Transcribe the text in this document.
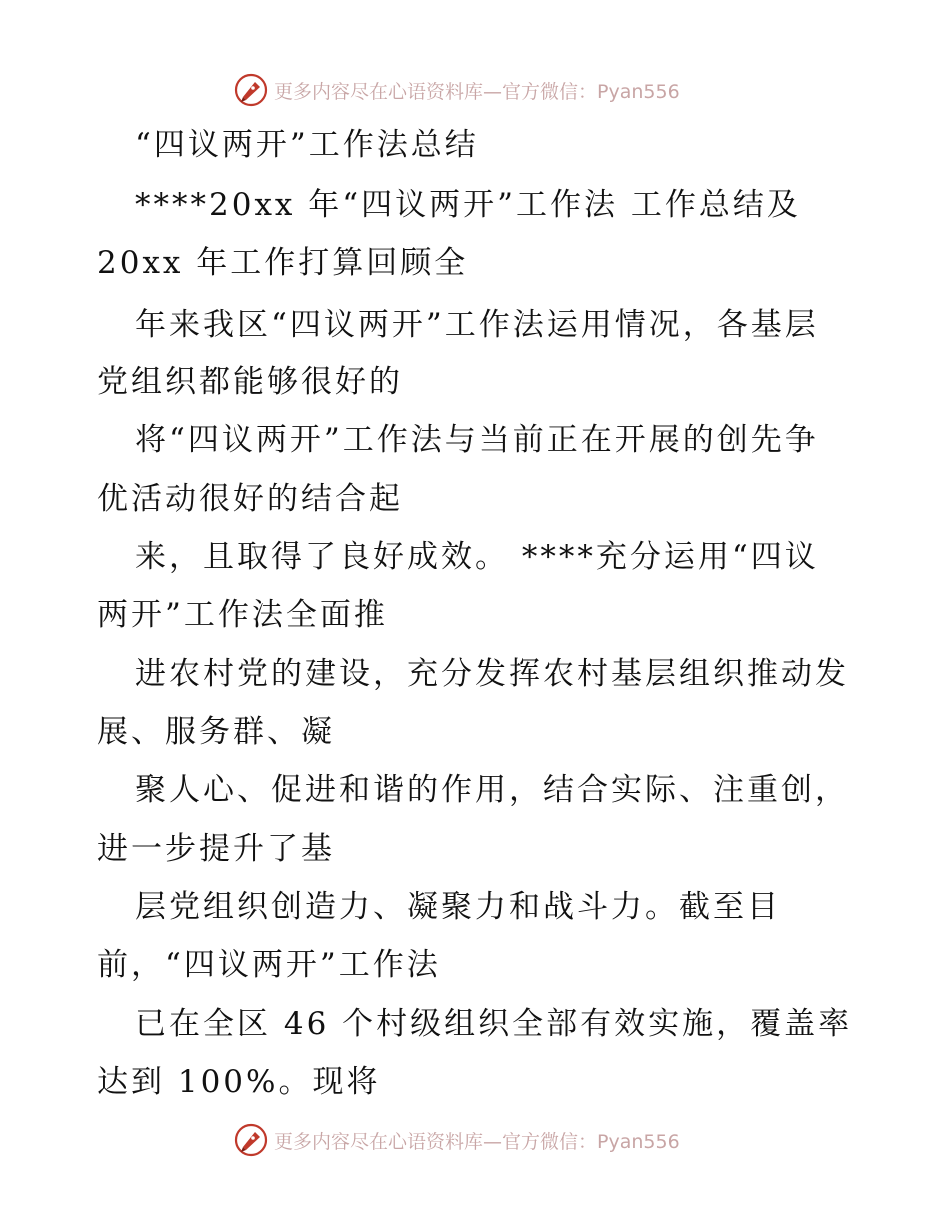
更多内容尽在心语资料库—官方微信：Pyan556
“四议两开”工作法总结
****20xx 年“四议两开”工作法 工作总结及
20xx 年工作打算回顾全
年来我区“四议两开”工作法运用情况，各基层
党组织都能够很好的
将“四议两开”工作法与当前正在开展的创先争
优活动很好的结合起
来，且取得了良好成效。 ****充分运用“四议
两开”工作法全面推
进农村党的建设，充分发挥农村基层组织推动发
展、服务群、凝
聚人心、促进和谐的作用，结合实际、注重创，
进一步提升了基
层党组织创造力、凝聚力和战斗力。截至目
前，“四议两开”工作法
已在全区 46 个村级组织全部有效实施，覆盖率
达到 100%。现将
更多内容尽在心语资料库—官方微信：Pyan556
